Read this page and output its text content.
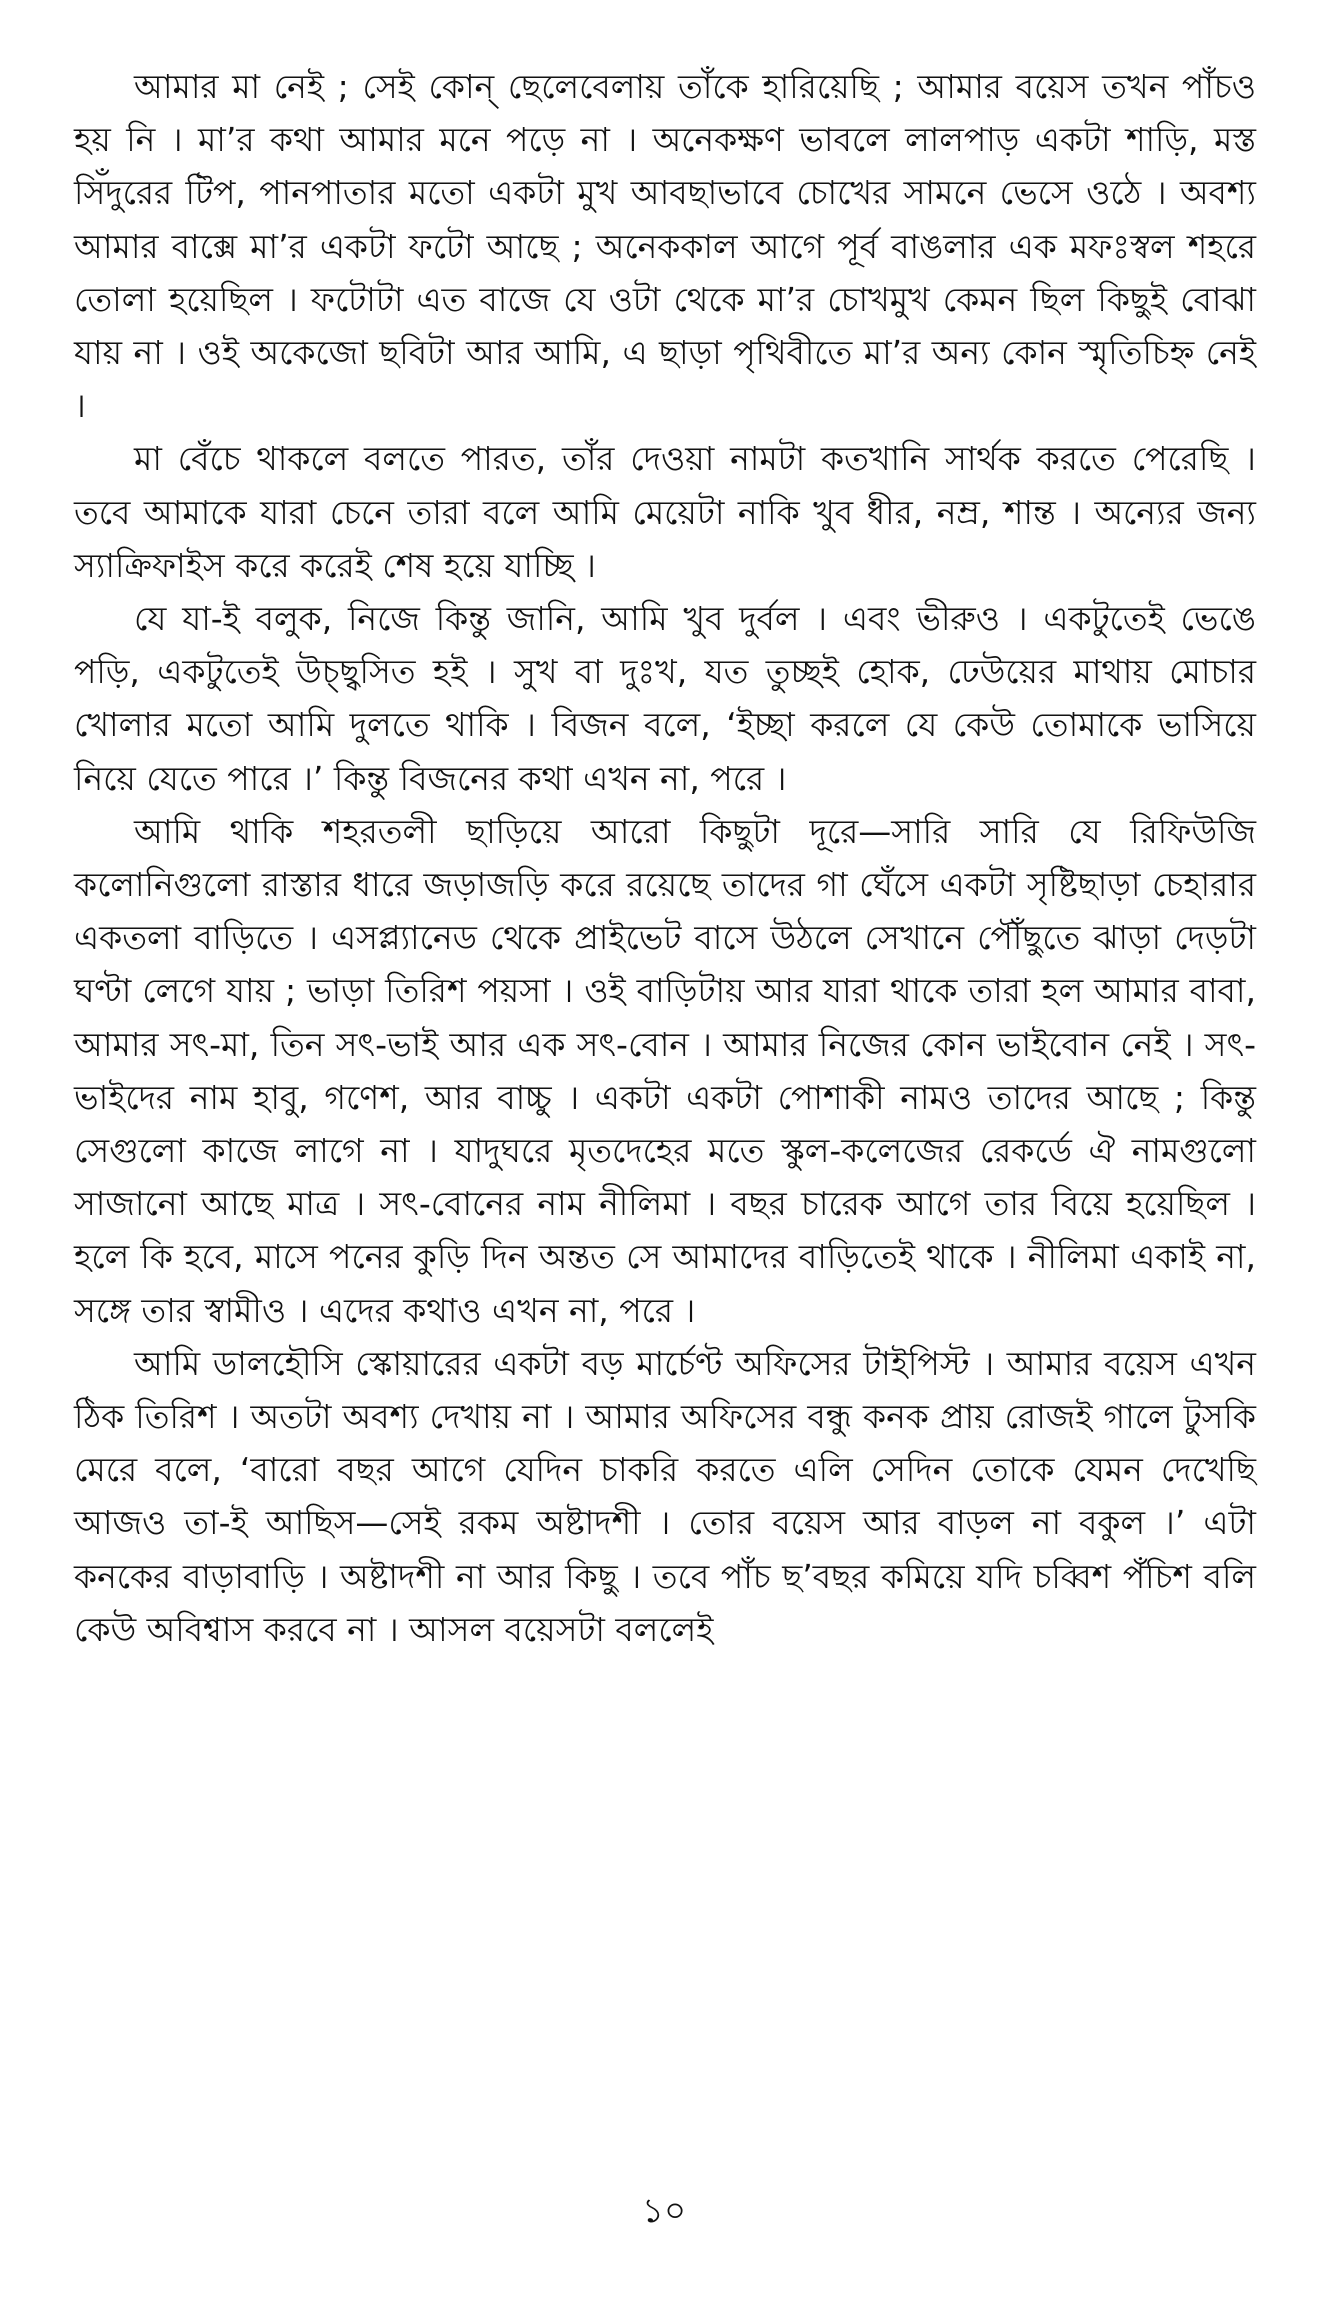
আমার মা নেই ; সেই কোন্ ছেলেবেলায় তাঁকে হারিয়েছি ; আমার বয়েস তখন পাঁচও হয় নি । মা’র কথা আমার মনে পড়ে না । অনেকক্ষণ ভাবলে লালপাড় একটা শাড়ি, মস্ত সিঁদুরের টিপ, পানপাতার মতো একটা মুখ আবছাভাবে চোখের সামনে ভেসে ওঠে । অবশ্য আমার বাক্সে মা’র একটা ফটো আছে ; অনেককাল আগে পূর্ব বাঙলার এক মফঃস্বল শহরে তোলা হয়েছিল । ফটোটা এত বাজে যে ওটা থেকে মা’র চোখমুখ কেমন ছিল কিছুই বোঝা যায় না । ওই অকেজো ছবিটা আর আমি, এ ছাড়া পৃথিবীতে মা’র অন্য কোন স্মৃতিচিহ্ন নেই ।

মা বেঁচে থাকলে বলতে পারত, তাঁর দেওয়া নামটা কতখানি সার্থক করতে পেরেছি । তবে আমাকে যারা চেনে তারা বলে আমি মেয়েটা নাকি খুব ধীর, নম্র, শান্ত । অন্যের জন্য স্যাক্রিফাইস করে করেই শেষ হয়ে যাচ্ছি ।

যে যা-ই বলুক, নিজে কিন্তু জানি, আমি খুব দুর্বল । এবং ভীরুও । একটুতেই ভেঙে পড়ি, একটুতেই উচ্ছ্বসিত হই । সুখ বা দুঃখ, যত তুচ্ছই হোক, ঢেউয়ের মাথায় মোচার খোলার মতো আমি দুলতে থাকি । বিজন বলে, ‘ইচ্ছা করলে যে কেউ তোমাকে ভাসিয়ে নিয়ে যেতে পারে ।’ কিন্তু বিজনের কথা এখন না, পরে ।

আমি থাকি শহরতলী ছাড়িয়ে আরো কিছুটা দূরে—সারি সারি যে রিফিউজি কলোনিগুলো রাস্তার ধারে জড়াজড়ি করে রয়েছে তাদের গা ঘেঁসে একটা সৃষ্টিছাড়া চেহারার একতলা বাড়িতে । এসপ্ল্যানেড থেকে প্রাইভেট বাসে উঠলে সেখানে পৌঁছুতে ঝাড়া দেড়টা ঘণ্টা লেগে যায় ; ভাড়া তিরিশ পয়সা । ওই বাড়িটায় আর যারা থাকে তারা হল আমার বাবা, আমার সৎ-মা, তিন সৎ-ভাই আর এক সৎ-বোন । আমার নিজের কোন ভাইবোন নেই । সৎ-ভাইদের নাম হাবু, গণেশ, আর বাচ্চু । একটা একটা পোশাকী নামও তাদের আছে ; কিন্তু সেগুলো কাজে লাগে না । যাদুঘরে মৃতদেহের মতে স্কুল-কলেজের রেকর্ডে ঐ নামগুলো সাজানো আছে মাত্র । সৎ-বোনের নাম নীলিমা । বছর চারেক আগে তার বিয়ে হয়েছিল । হলে কি হবে, মাসে পনের কুড়ি দিন অন্তত সে আমাদের বাড়িতেই থাকে । নীলিমা একাই না, সঙ্গে তার স্বামীও । এদের কথাও এখন না, পরে ।

আমি ডালহৌসি স্কোয়ারের একটা বড় মার্চেণ্ট অফিসের টাইপিস্ট । আমার বয়েস এখন ঠিক তিরিশ । অতটা অবশ্য দেখায় না । আমার অফিসের বন্ধু কনক প্রায় রোজই গালে টুসকি মেরে বলে, ‘বারো বছর আগে যেদিন চাকরি করতে এলি সেদিন তোকে যেমন দেখেছি আজও তা-ই আছিস—সেই রকম অষ্টাদশী । তোর বয়েস আর বাড়ল না বকুল ।’ এটা কনকের বাড়াবাড়ি । অষ্টাদশী না আর কিছু । তবে পাঁচ ছ’বছর কমিয়ে যদি চব্বিশ পঁচিশ বলি কেউ অবিশ্বাস করবে না । আসল বয়েসটা বললেই

১০
